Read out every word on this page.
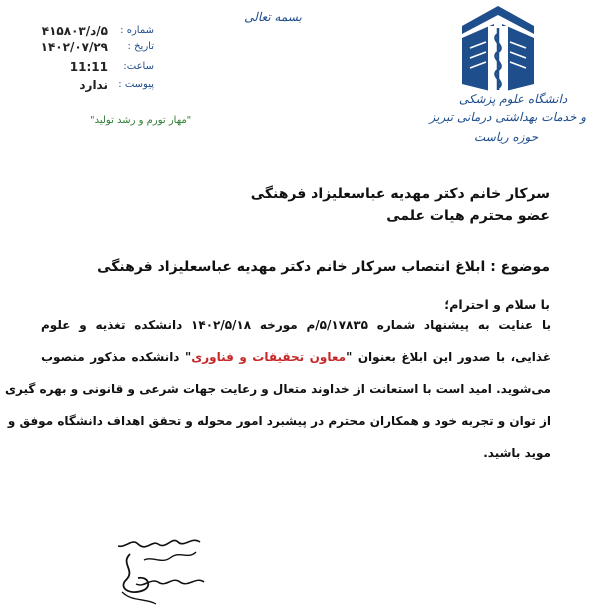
دانشگاه علوم پزشکی
و خدمات بهداشتی درمانی تبریز
حوزه ریاست
بسمه تعالی
شماره :
۵/د/۴۱۵۸۰۳
تاریخ :
۱۴۰۲/۰۷/۲۹
ساعت:
11:11
پیوست :
ندارد
"مهار تورم و رشد تولید"
سرکار خانم دکتر مهدیه عباسعلیزاد فرهنگی
عضو محترم هیات علمی
موضوع : ابلاغ انتصاب سرکار خانم دکتر مهدیه عباسعلیزاد فرهنگی
با سلام و احترام؛
با عنایت به پیشنهاد شماره ۵/۱۷۸۳۵/م مورخه ۱۴۰۲/۵/۱۸ دانشکده تغذیه و علوم
غذایی، با صدور این ابلاغ بعنوان "معاون تحقیقات و فناوری" دانشکده مذکور منصوب
می‌شوید. امید است با استعانت از خداوند متعال و رعایت جهات شرعی و قانونی و بهره گیری
از توان و تجربه خود و همکاران محترم در پیشبرد امور محوله و تحقق اهداف دانشگاه موفق و
موید باشید.
